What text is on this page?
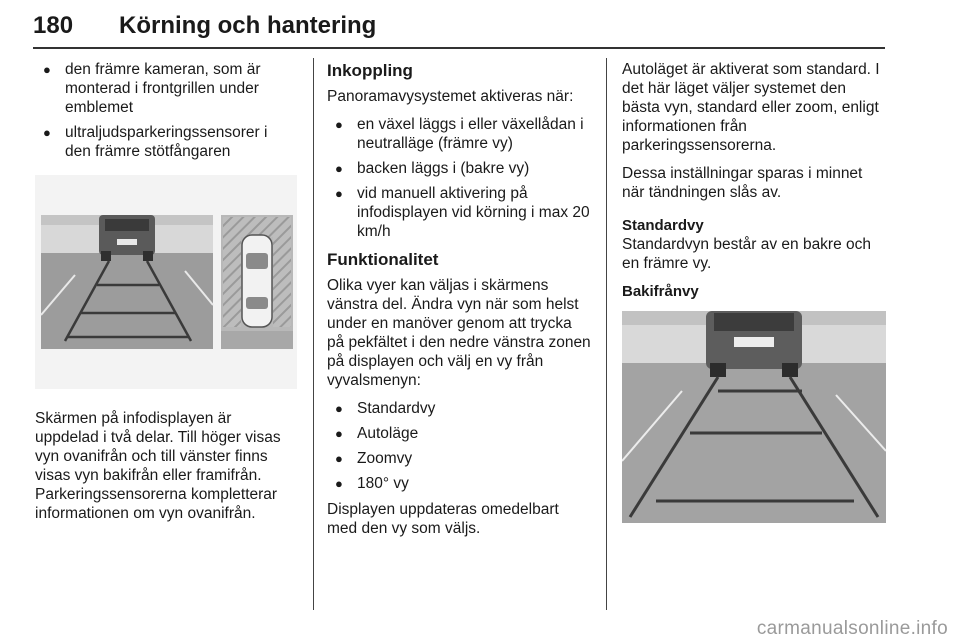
180 Körning och hantering
● den främre kameran, som är monterad i frontgrillen under emblemet
● ultraljudsparkeringssensorer i den främre stötfångaren

Skärmen på infodisplayen är uppdelad i två delar. Till höger visas vyn ovanifrån och till vänster finns visas vyn bakifrån eller framifrån. Parkeringssensorerna kompletterar informationen om vyn ovanifrån.

Inkoppling

Panoramavysystemet aktiveras när:

● en växel läggs i eller växellådan i neutralläge (främre vy)
● backen läggs i (bakre vy)
● vid manuell aktivering på infodisplayen vid körning i max 20 km/h
Funktionalitet

Olika vyer kan väljas i skärmens vänstra del. Ändra vyn när som helst under en manöver genom att trycka på pekfältet i den nedre vänstra zonen på displayen och välj en vy från vyvalsmenyn:

● Standardvy
● Autoläge
● Zoomvy
● 180° vy

Displayen uppdateras omedelbart med den vy som väljs.

Autoläget är aktiverat som standard. I det här läget väljer systemet den bästa vyn, standard eller zoom, enligt informationen från parkeringssensorerna.

Dessa inställningar sparas i minnet när tändningen slås av.

Standardvy

Standardvyn består av en bakre och en främre vy.

Bakifrånvy
carmanualsonline.info
